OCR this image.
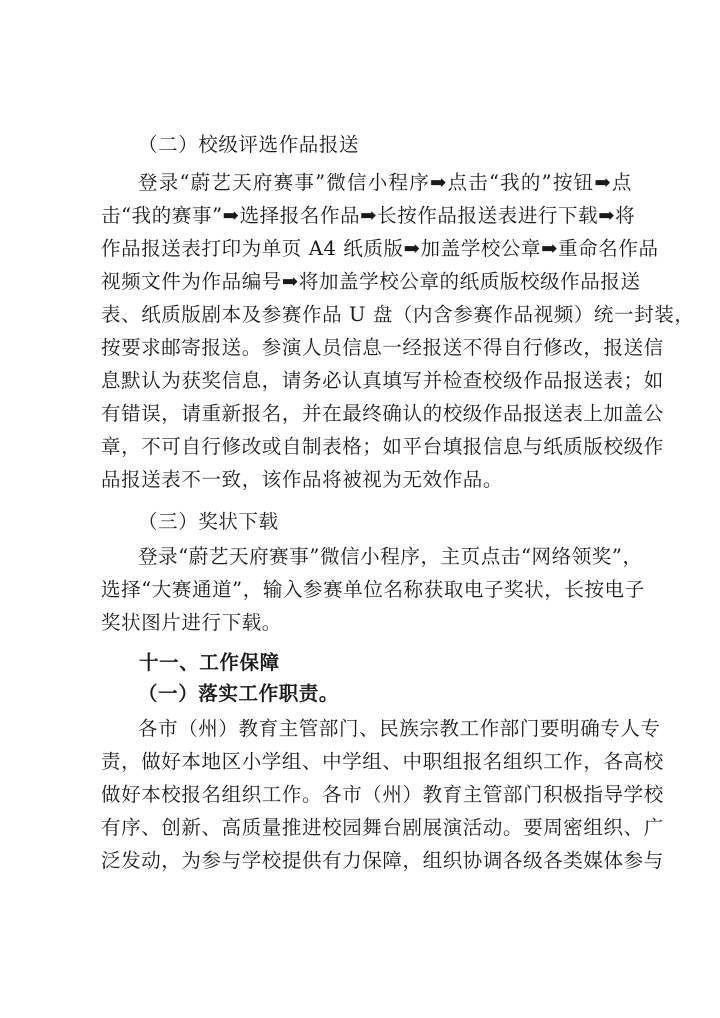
（二）校级评选作品报送
登录“蔚艺天府赛事”微信小程序➡点击“我的”按钮➡点
击“我的赛事”➡选择报名作品➡长按作品报送表进行下载➡将
作品报送表打印为单页 A4 纸质版➡加盖学校公章➡重命名作品
视频文件为作品编号➡将加盖学校公章的纸质版校级作品报送
表、纸质版剧本及参赛作品 U 盘（内含参赛作品视频）统一封装，
按要求邮寄报送。参演人员信息一经报送不得自行修改，报送信
息默认为获奖信息，请务必认真填写并检查校级作品报送表；如
有错误，请重新报名，并在最终确认的校级作品报送表上加盖公
章，不可自行修改或自制表格；如平台填报信息与纸质版校级作
品报送表不一致，该作品将被视为无效作品。
（三）奖状下载
登录“蔚艺天府赛事”微信小程序，主页点击“网络领奖”，
选择“大赛通道”，输入参赛单位名称获取电子奖状，长按电子
奖状图片进行下载。
十一、工作保障
（一）落实工作职责。
各市（州）教育主管部门、民族宗教工作部门要明确专人专
责，做好本地区小学组、中学组、中职组报名组织工作，各高校
做好本校报名组织工作。各市（州）教育主管部门积极指导学校
有序、创新、高质量推进校园舞台剧展演活动。要周密组织、广
泛发动，为参与学校提供有力保障，组织协调各级各类媒体参与
